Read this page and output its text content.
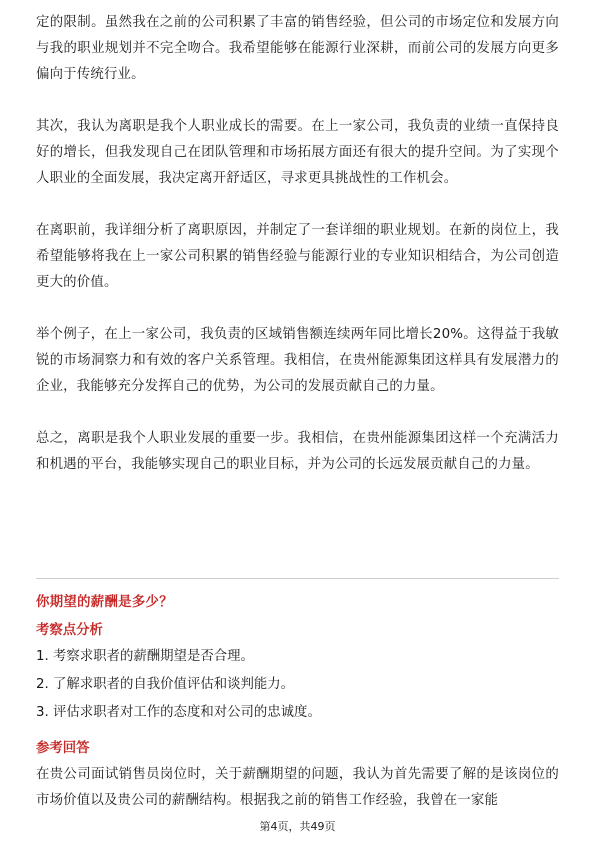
定的限制。虽然我在之前的公司积累了丰富的销售经验，但公司的市场定位和发展方向与我的职业规划并不完全吻合。我希望能够在能源行业深耕，而前公司的发展方向更多偏向于传统行业。

其次，我认为离职是我个人职业成长的需要。在上一家公司，我负责的业绩一直保持良好的增长，但我发现自己在团队管理和市场拓展方面还有很大的提升空间。为了实现个人职业的全面发展，我决定离开舒适区，寻求更具挑战性的工作机会。

在离职前，我详细分析了离职原因，并制定了一套详细的职业规划。在新的岗位上，我希望能够将我在上一家公司积累的销售经验与能源行业的专业知识相结合，为公司创造更大的价值。

举个例子，在上一家公司，我负责的区域销售额连续两年同比增长20%。这得益于我敏锐的市场洞察力和有效的客户关系管理。我相信，在贵州能源集团这样具有发展潜力的企业，我能够充分发挥自己的优势，为公司的发展贡献自己的力量。

总之，离职是我个人职业发展的重要一步。我相信，在贵州能源集团这样一个充满活力和机遇的平台，我能够实现自己的职业目标，并为公司的长远发展贡献自己的力量。

你期望的薪酬是多少？
考察点分析
1. 考察求职者的薪酬期望是否合理。
2. 了解求职者的自我价值评估和谈判能力。
3. 评估求职者对工作的态度和对公司的忠诚度。
参考回答

在贵公司面试销售员岗位时，关于薪酬期望的问题，我认为首先需要了解的是该岗位的市场价值以及贵公司的薪酬结构。根据我之前的销售工作经验，我曾在一家能

第4页，共49页
